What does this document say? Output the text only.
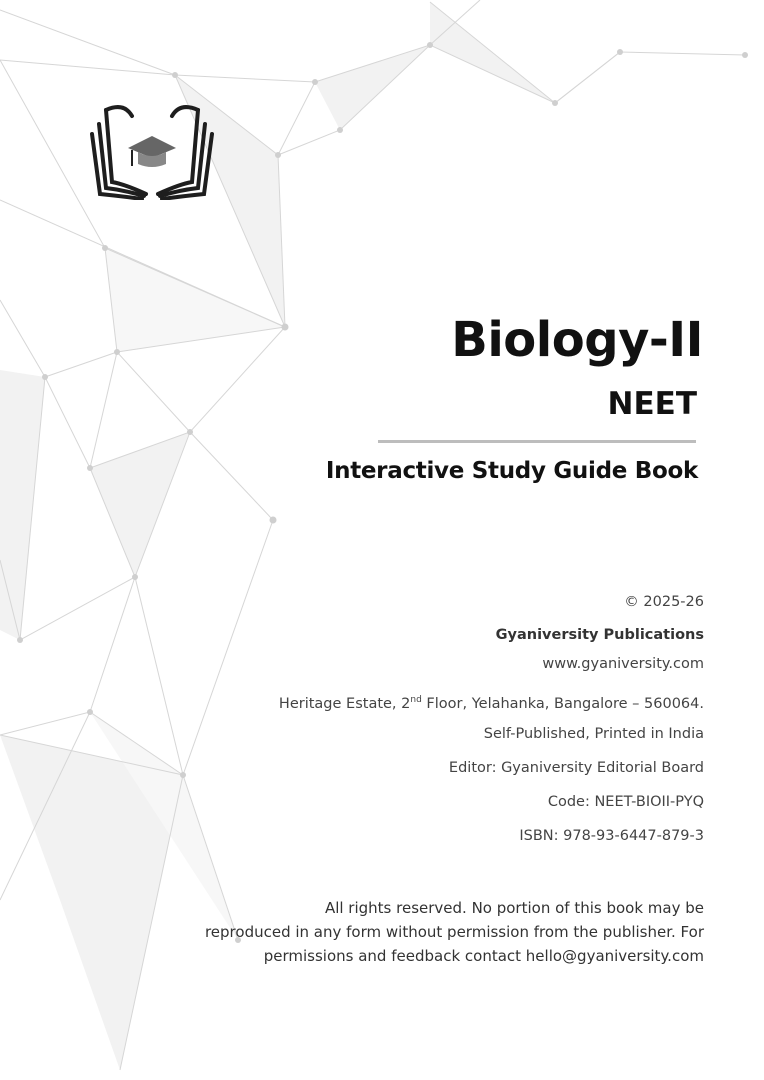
Biology-II
NEET
Interactive Study Guide Book
© 2025-26
Gyaniversity Publications
www.gyaniversity.com
Heritage Estate, 2nd Floor, Yelahanka, Bangalore – 560064.
Self-Published, Printed in India
Editor: Gyaniversity Editorial Board
Code: NEET-BIOII-PYQ
ISBN: 978-93-6447-879-3
All rights reserved. No portion of this book may be
reproduced in any form without permission from the publisher. For
permissions and feedback contact hello@gyaniversity.com
